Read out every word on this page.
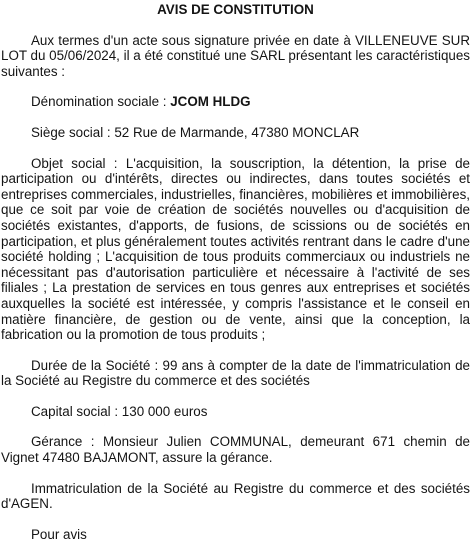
AVIS DE CONSTITUTION

Aux termes d'un acte sous signature privée en date à VILLENEUVE SUR LOT du 05/06/2024, il a été constitué une SARL présentant les caractéristiques suivantes :

Dénomination sociale : JCOM HLDG

Siège social : 52 Rue de Marmande, 47380 MONCLAR

Objet social : L'acquisition, la souscription, la détention, la prise de participation ou d'intérêts, directes ou indirectes, dans toutes sociétés et entreprises commerciales, industrielles, financières, mobilières et immobilières, que ce soit par voie de création de sociétés nouvelles ou d'acquisition de sociétés existantes, d'apports, de fusions, de scissions ou de sociétés en participation, et plus généralement toutes activités rentrant dans le cadre d'une société holding ; L'acquisition de tous produits commerciaux ou industriels ne nécessitant pas d'autorisation particulière et nécessaire à l'activité de ses filiales ; La prestation de services en tous genres aux entreprises et sociétés auxquelles la société est intéressée, y compris l'assistance et le conseil en matière financière, de gestion ou de vente, ainsi que la conception, la fabrication ou la promotion de tous produits ;

Durée de la Société : 99 ans à compter de la date de l'immatriculation de la Société au Registre du commerce et des sociétés

Capital social : 130 000 euros

Gérance : Monsieur Julien COMMUNAL, demeurant 671 chemin de Vignet 47480 BAJAMONT, assure la gérance.

Immatriculation de la Société au Registre du commerce et des sociétés d'AGEN.

Pour avis
